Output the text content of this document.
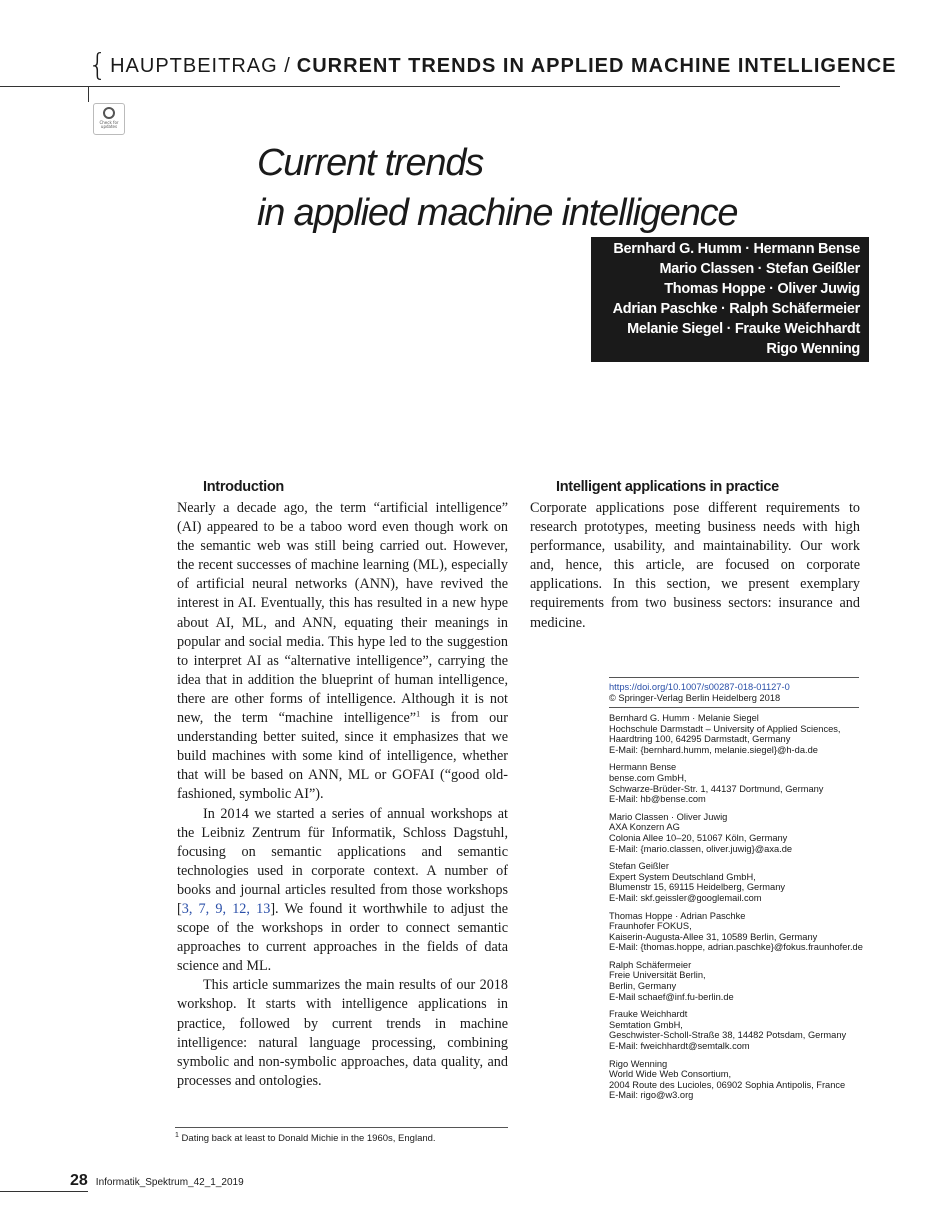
{ HAUPTBEITRAG / CURRENT TRENDS IN APPLIED MACHINE INTELLIGENCE
Check for
updates
Current trends
in applied machine intelligence
Bernhard G. Humm · Hermann Bense
Mario Classen · Stefan Geißler
Thomas Hoppe · Oliver Juwig
Adrian Paschke · Ralph Schäfermeier
Melanie Siegel · Frauke Weichhardt
Rigo Wenning
Introduction

Nearly a decade ago, the term “artificial intelligence” (AI) appeared to be a taboo word even though work on the semantic web was still being carried out. However, the recent successes of machine learning (ML), especially of artificial neural networks (ANN), have revived the interest in AI. Eventually, this has resulted in a new hype about AI, ML, and ANN, equating their meanings in popular and social media. This hype led to the suggestion to interpret AI as “alternative intelligence”, carrying the idea that in addition the blueprint of human intelligence, there are other forms of intelligence. Although it is not new, the term “machine intelligence”$^1$ is from our understanding better suited, since it emphasizes that we build machines with some kind of intelligence, whether that will be based on ANN, ML or GOFAI (“good old-fashioned, symbolic AI”).

In 2014 we started a series of annual workshops at the Leibniz Zentrum für Informatik, Schloss Dagstuhl, focusing on semantic applications and semantic technologies used in corporate context. A number of books and journal articles resulted from those workshops [3, 7, 9, 12, 13]. We found it worthwhile to adjust the scope of the workshops in order to connect semantic approaches to current approaches in the fields of data science and ML.

This article summarizes the main results of our 2018 workshop. It starts with intelligence applications in practice, followed by current trends in machine intelligence: natural language processing, combining symbolic and non-symbolic approaches, data quality, and processes and ontologies.

Intelligent applications in practice

Corporate applications pose different requirements to research prototypes, meeting business needs with high performance, usability, and maintainability. Our work and, hence, this article, are focused on corporate applications. In this section, we present exemplary requirements from two business sectors: insurance and medicine.

https://doi.org/10.1007/s00287-018-01127-0
© Springer-Verlag Berlin Heidelberg 2018
Bernhard G. Humm · Melanie Siegel
Hochschule Darmstadt – University of Applied Sciences,
Haardtring 100, 64295 Darmstadt, Germany
E-Mail: {bernhard.humm, melanie.siegel}@h-da.de
Hermann Bense
bense.com GmbH,
Schwarze-Brüder-Str. 1, 44137 Dortmund, Germany
E-Mail: hb@bense.com
Mario Classen · Oliver Juwig
AXA Konzern AG
Colonia Allee 10–20, 51067 Köln, Germany
E-Mail: {mario.classen, oliver.juwig}@axa.de
Stefan Geißler
Expert System Deutschland GmbH,
Blumenstr 15, 69115 Heidelberg, Germany
E-Mail: skf.geissler@googlemail.com
Thomas Hoppe · Adrian Paschke
Fraunhofer FOKUS,
Kaiserin-Augusta-Allee 31, 10589 Berlin, Germany
E-Mail: {thomas.hoppe, adrian.paschke}@fokus.fraunhofer.de
Ralph Schäfermeier
Freie Universität Berlin,
Berlin, Germany
E-Mail schaef@inf.fu-berlin.de
Frauke Weichhardt
Semtation GmbH,
Geschwister-Scholl-Straße 38, 14482 Potsdam, Germany
E-Mail: fweichhardt@semtalk.com
Rigo Wenning
World Wide Web Consortium,
2004 Route des Lucioles, 06902 Sophia Antipolis, France
E-Mail: rigo@w3.org
$^1$ Dating back at least to Donald Michie in the 1960s, England.
28 Informatik_Spektrum_42_1_2019
